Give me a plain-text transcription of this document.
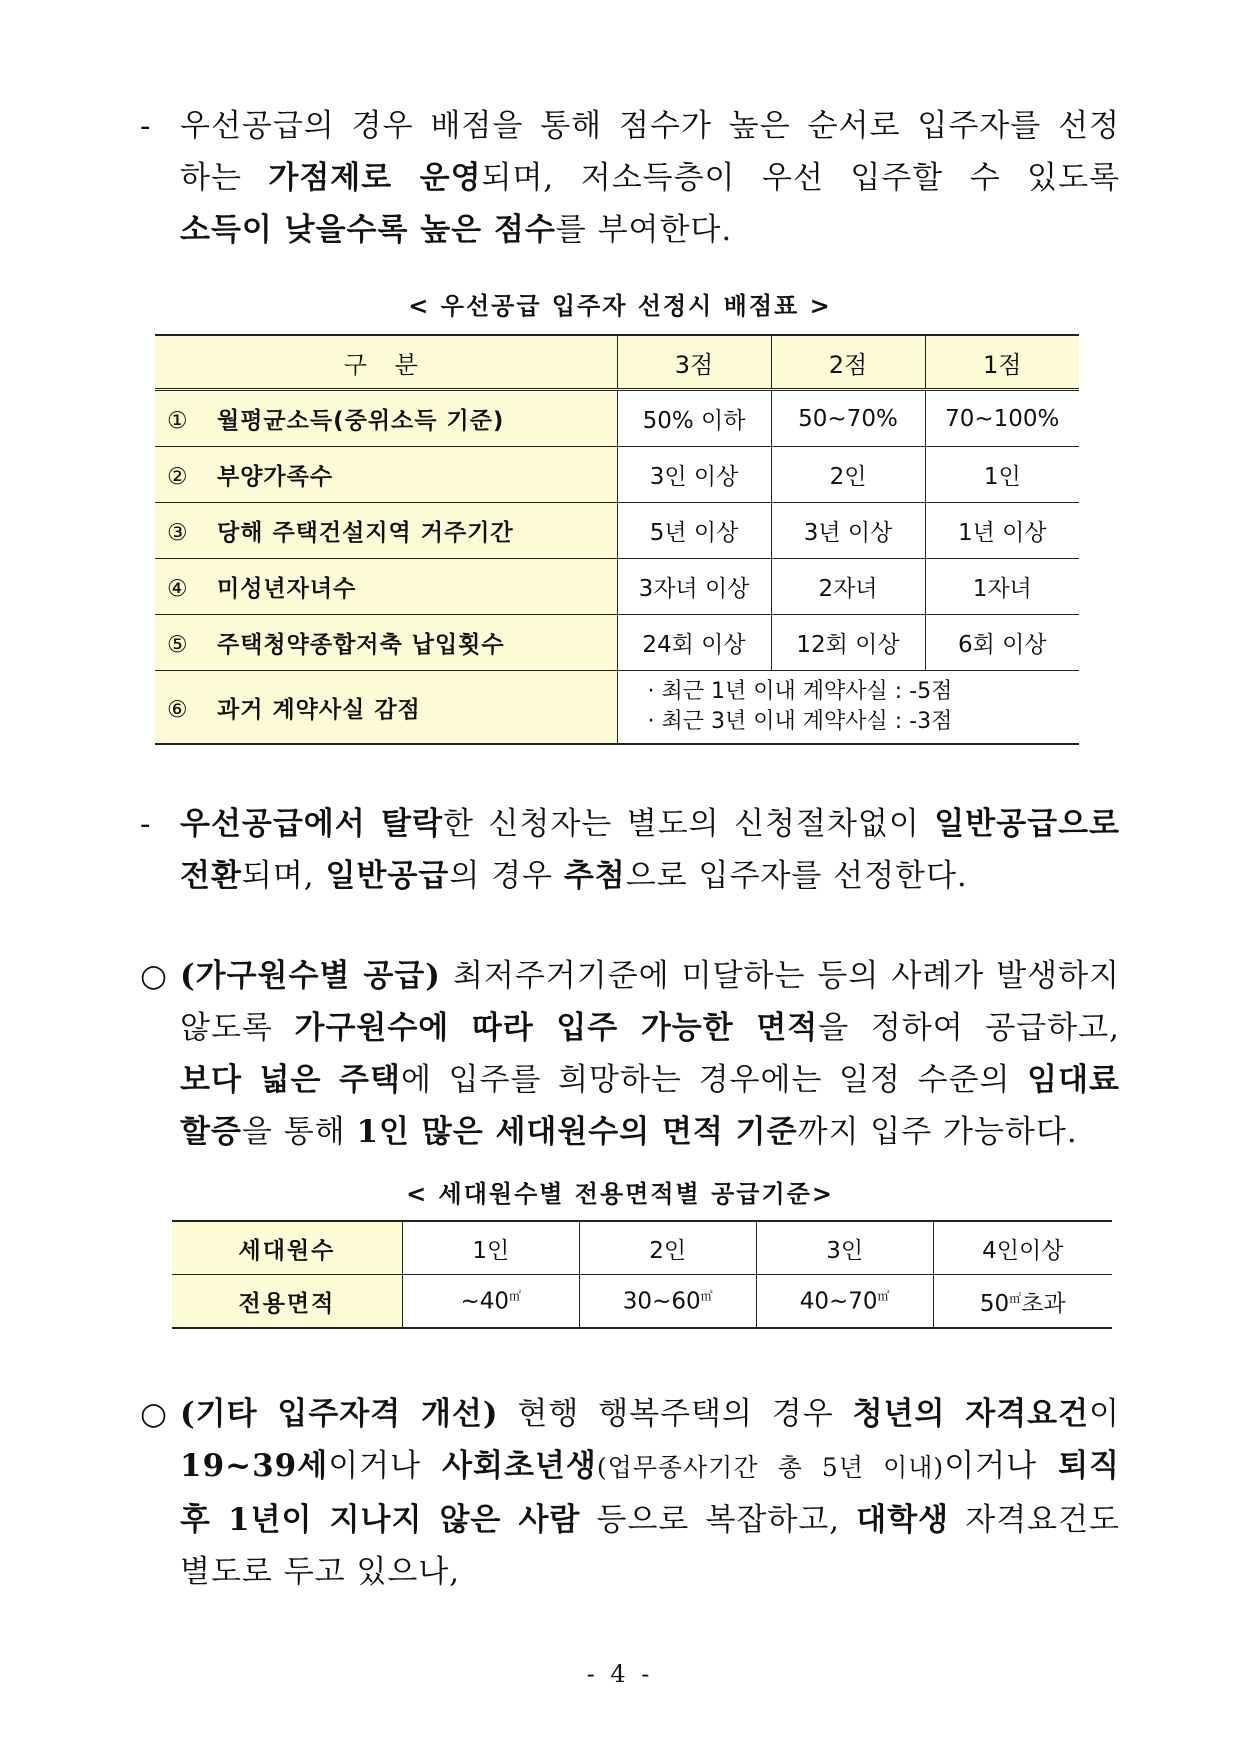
- 우선공급의 경우 배점을 통해 점수가 높은 순서로 입주자를 선정
하는 가점제로 운영되며, 저소득층이 우선 입주할 수 있도록
소득이 낮을수록 높은 점수를 부여한다.
< 우선공급 입주자 선정시 배점표 >
구 분	3점	2점	1점
① 월평균소득(중위소득 기준)	50% 이하	50~70%	70~100%
② 부양가족수	3인 이상	2인	1인
③ 당해 주택건설지역 거주기간	5년 이상	3년 이상	1년 이상
④ 미성년자녀수	3자녀 이상	2자녀	1자녀
⑤ 주택청약종합저축 납입횟수	24회 이상	12회 이상	6회 이상
⑥ 과거 계약사실 감점	· 최근 1년 이내 계약사실 : -5점
· 최근 3년 이내 계약사실 : -3점		
- 우선공급에서 탈락한 신청자는 별도의 신청절차없이 일반공급으로
전환되며, 일반공급의 경우 추첨으로 입주자를 선정한다.
○ (가구원수별 공급) 최저주거기준에 미달하는 등의 사례가 발생하지
않도록 가구원수에 따라 입주 가능한 면적을 정하여 공급하고,
보다 넓은 주택에 입주를 희망하는 경우에는 일정 수준의 임대료
할증을 통해 1인 많은 세대원수의 면적 기준까지 입주 가능하다.
< 세대원수별 전용면적별 공급기준>
세대원수	1인	2인	3인	4인이상
전용면적	~40㎡	30~60㎡	40~70㎡	50㎡초과
○ (기타 입주자격 개선) 현행 행복주택의 경우 청년의 자격요건이
19~39세이거나 사회초년생(업무종사기간 총 5년 이내)이거나 퇴직
후 1년이 지나지 않은 사람 등으로 복잡하고, 대학생 자격요건도
별도로 두고 있으나,
- 4 -
